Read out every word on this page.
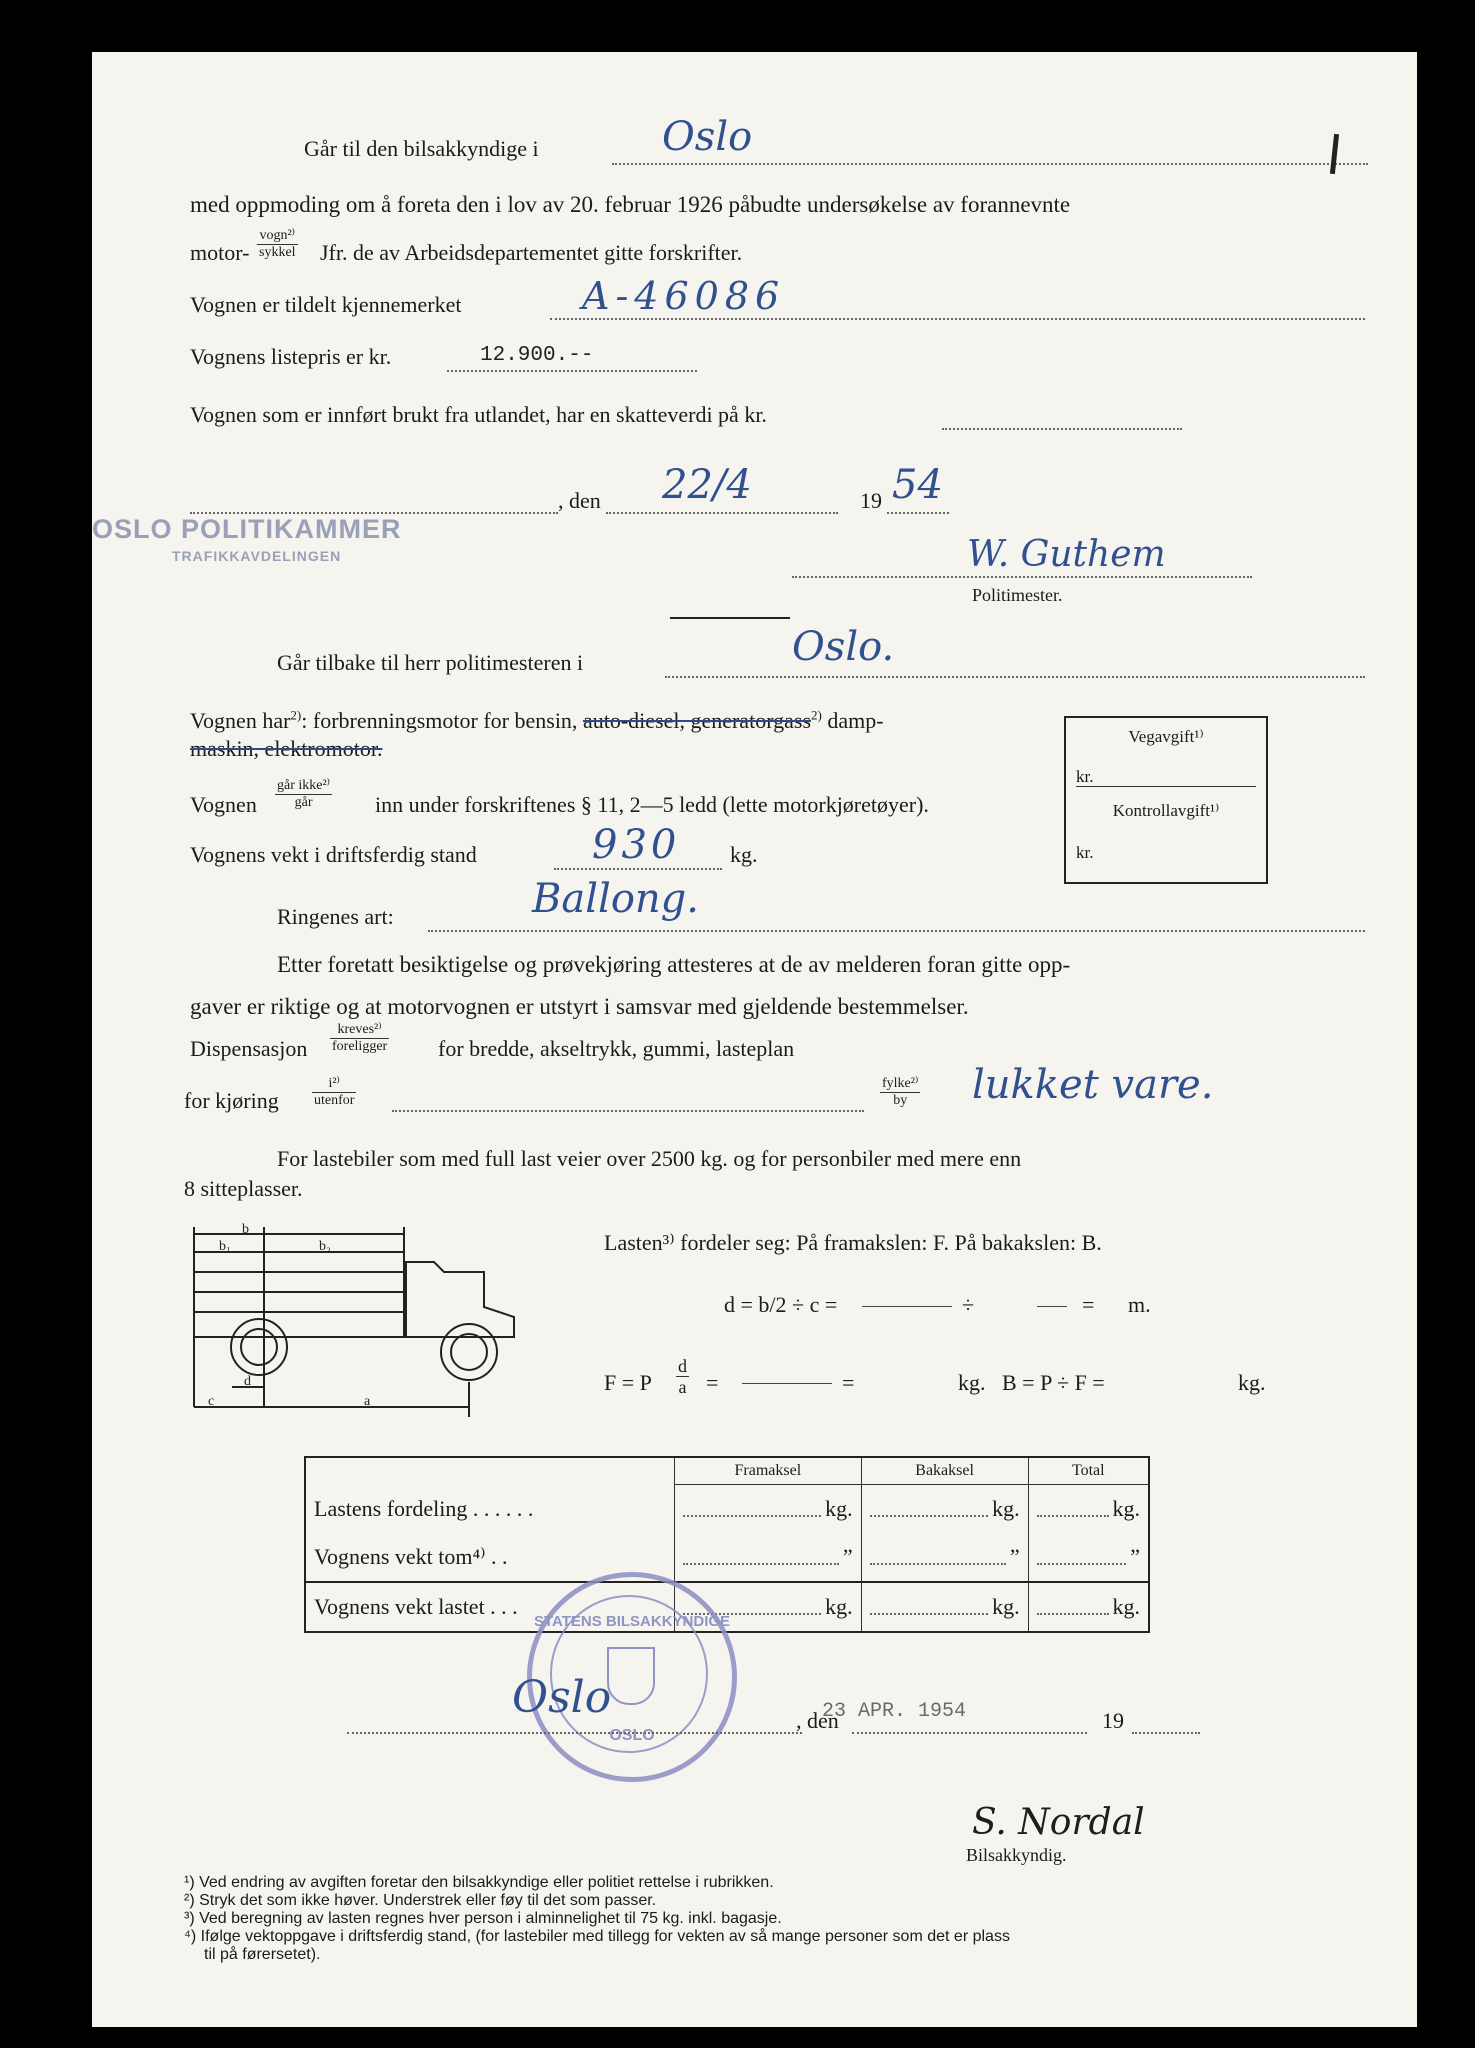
Går til den bilsakkyndige i	Oslo
med oppmoding om å foreta den i lov av 20. februar 1926 påbudte undersøkelse av forannevnte
motor-
vogn²⁾
sykkel Jfr. de av Arbeidsdepartementet gitte forskrifter.
Vognen er tildelt kjennemerket	A-46086
Vognens listepris er kr.	12.900.--
Vognen som er innført brukt fra utlandet, har en skatteverdi på kr.
, den 22/4	19 54
OSLO POLITIKAMMER
TRAFIKKAVDELINGEN	W. Guthem
Politimester.
Går tilbake til herr politimesteren i	Oslo.
Vognen har$^{2)}$: forbrenningsmotor for bensin, auto-diesel, generatorgass$^{2)}$ damp-
maskin, elektromotor.
Vognen
går ikke²⁾
går	inn under forskriftenes § 11, 2—5 ledd (lette motorkjøretøyer).
Vognens vekt i driftsferdig stand	930 kg.
Vegavgift¹⁾
kr.
Kontrollavgift¹⁾
kr.
Ringenes art:	Ballong.
Etter foretatt besiktigelse og prøvekjøring attesteres at de av melderen foran gitte opp-
gaver er riktige og at motorvognen er utstyrt i samsvar med gjeldende bestemmelser.
Dispensasjon
kreves²⁾
foreligger for bredde, akseltrykk, gummi, lasteplan
for kjøring
i²⁾
utenfor
fylke²⁾
by	lukket vare.
For lastebiler som med full last veier over 2500 kg. og for personbiler med mere enn
8 sitteplasser.
b
b₁	b₂
c
d
a
Lasten³⁾ fordeler seg: På framakslen: F. På bakakslen: B.
d = b/2 ÷ c =	÷	= m.
F = P $\frac{d}{a}$ =	=	kg. B = P ÷ F =	kg.
	Framaksel	Bakaksel	Total
Lastens fordeling . . . . . .	kg.	kg.	kg.

Vognens vekt tom⁴⁾ . .	”	”	”

Vognens vekt lastet . . .	kg.	kg.	kg.
STATENS BILSAKKYNDIGE
OSLO
Oslo	, den
23 APR. 1954	19
S. Nordal
Bilsakkyndig.
¹) Ved endring av avgiften foretar den bilsakkyndige eller politiet rettelse i rubrikken.
²) Stryk det som ikke høver. Understrek eller føy til det som passer.
³) Ved beregning av lasten regnes hver person i alminnelighet til 75 kg. inkl. bagasje.
⁴) Ifølge vektoppgave i driftsferdig stand, (for lastebiler med tillegg for vekten av så mange personer som det er plass
til på førersetet).
